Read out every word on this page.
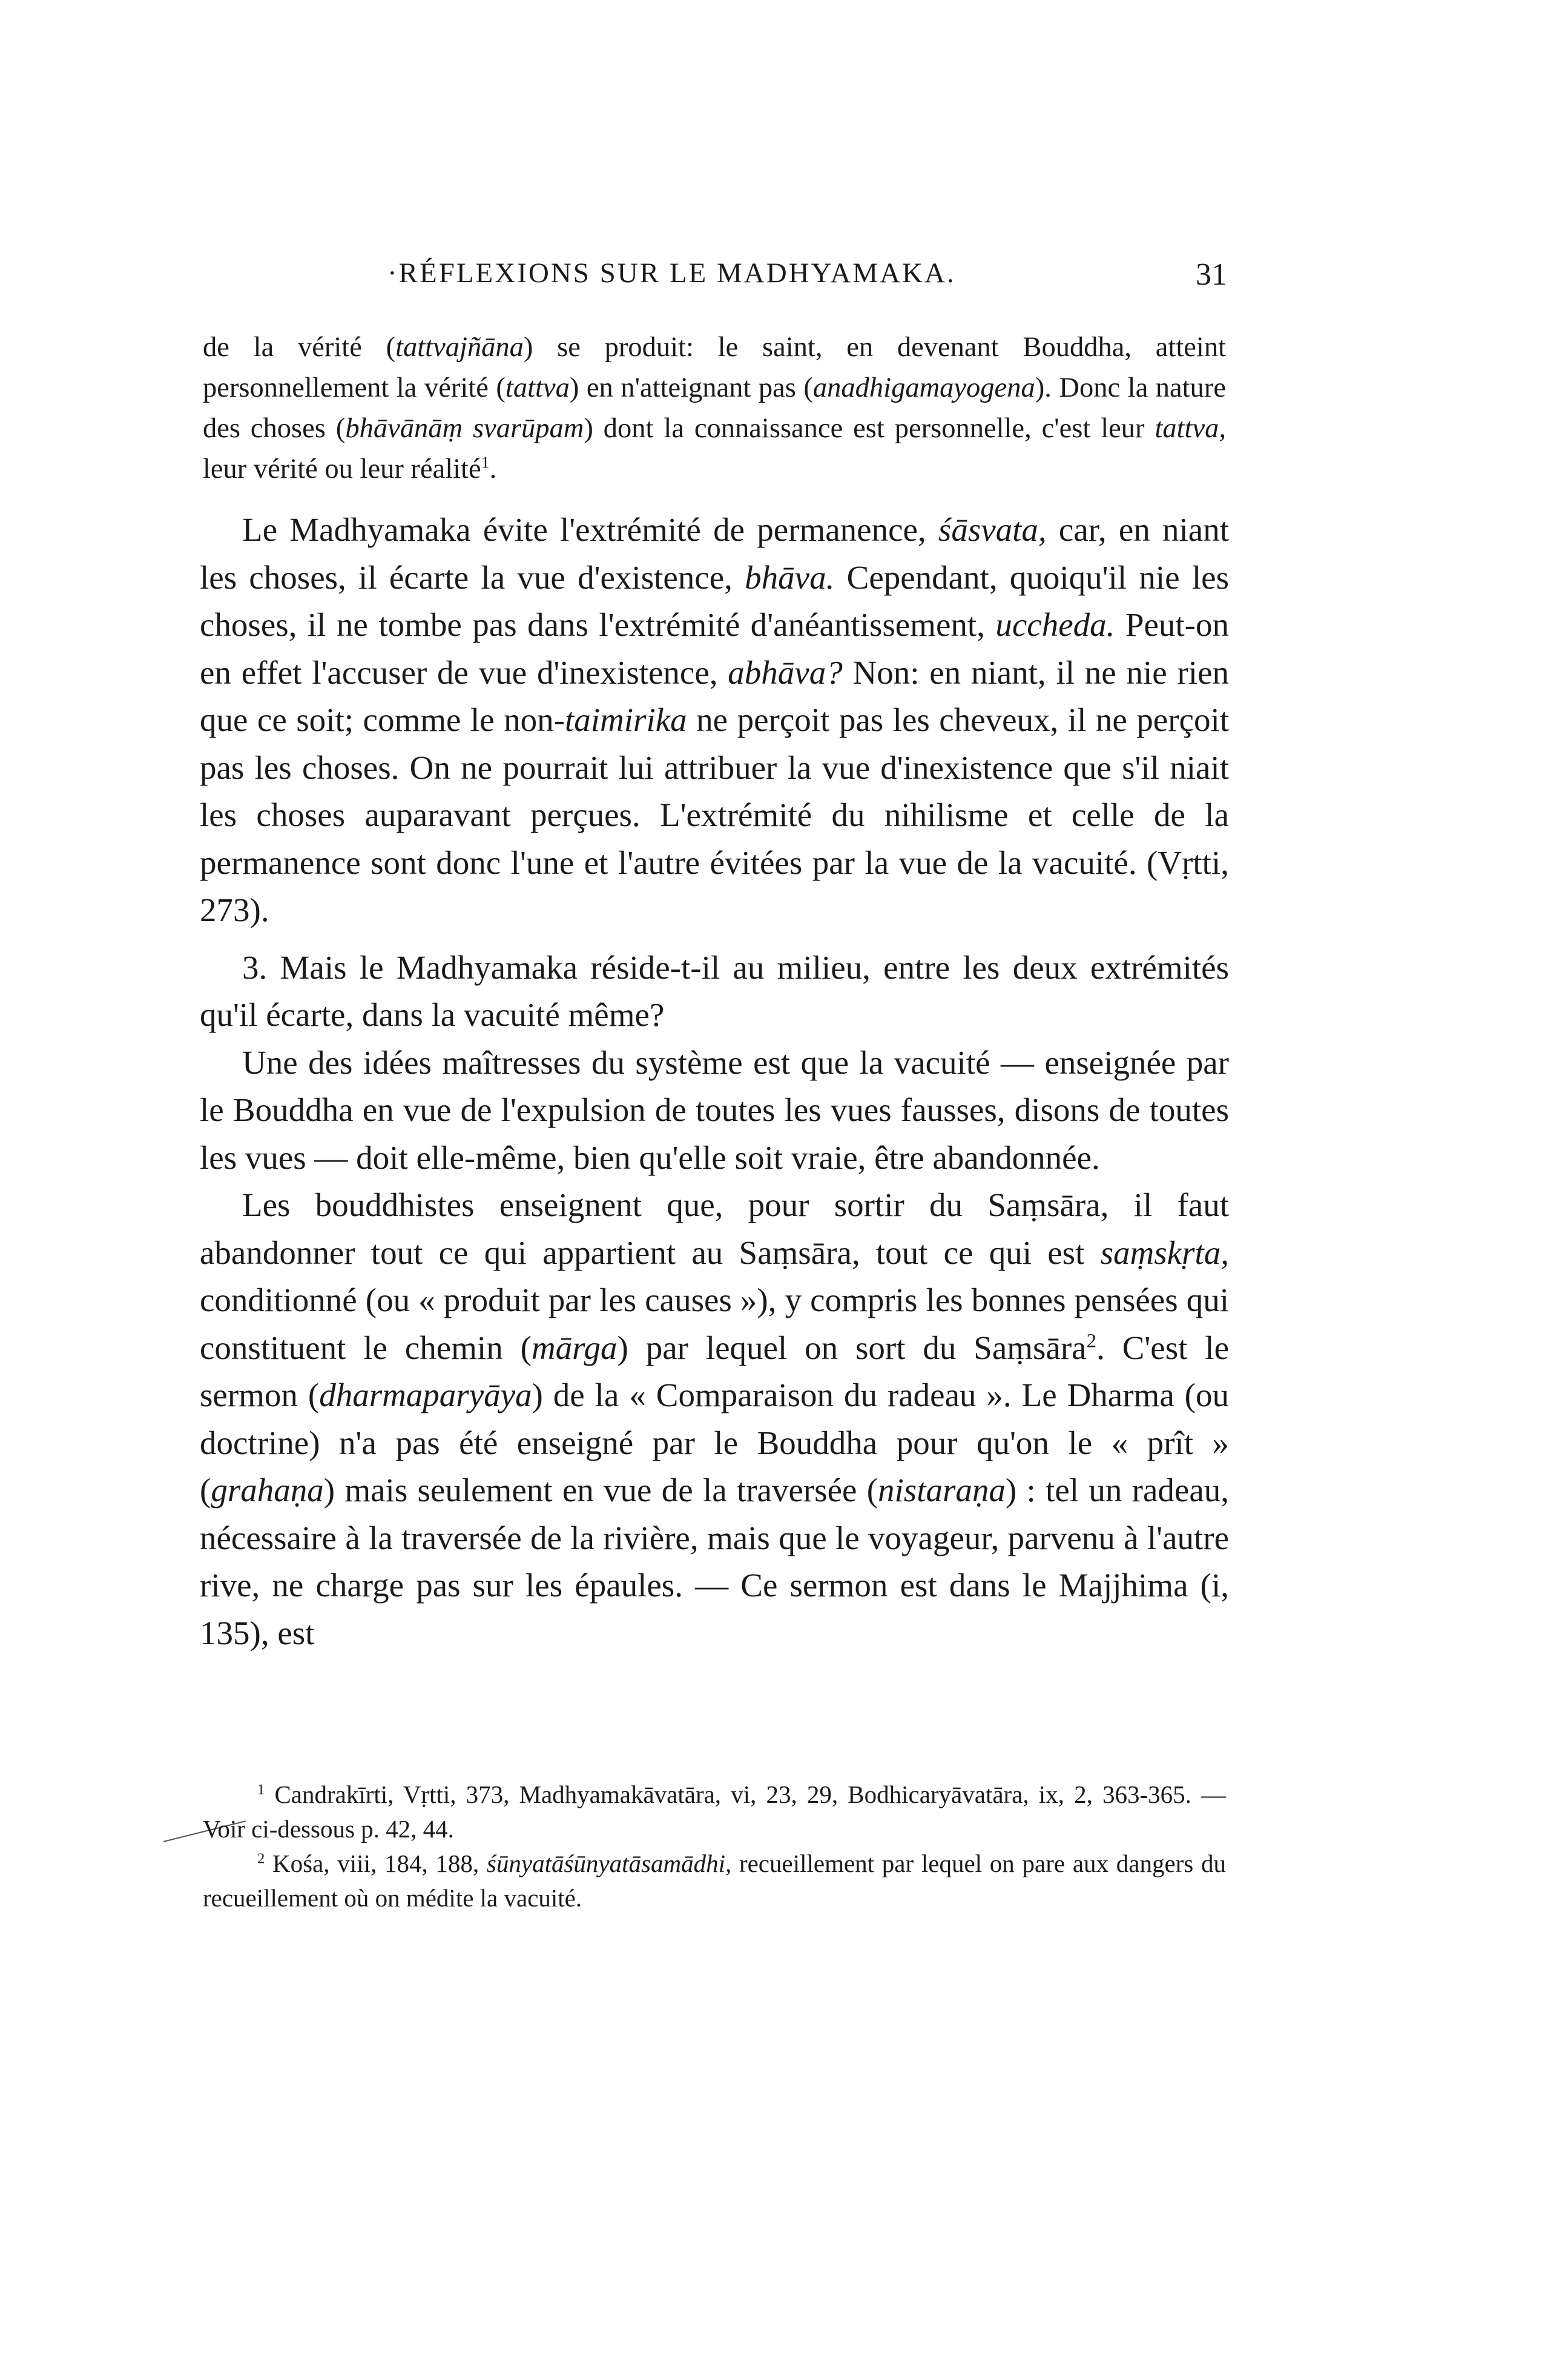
·RÉFLEXIONS SUR LE MADHYAMAKA.	31

de la vérité (tattvajñāna) se produit: le saint, en devenant Bouddha, atteint personnellement la vérité (tattva) en n'atteignant pas (anadhigamayogena). Donc la nature des choses (bhāvānāṃ svarūpam) dont la connaissance est personnelle, c'est leur tattva, leur vérité ou leur réalité$^1$.

Le Madhyamaka évite l'extrémité de permanence, śāsvata, car, en niant les choses, il écarte la vue d'existence, bhāva. Cependant, quoiqu'il nie les choses, il ne tombe pas dans l'extrémité d'anéantissement, uccheda. Peut-on en effet l'accuser de vue d'inexistence, abhāva? Non: en niant, il ne nie rien que ce soit; comme le non-taimirika ne perçoit pas les cheveux, il ne perçoit pas les choses. On ne pourrait lui attribuer la vue d'inexistence que s'il niait les choses auparavant perçues. L'extrémité du nihilisme et celle de la permanence sont donc l'une et l'autre évitées par la vue de la vacuité. (Vṛtti, 273).

3. Mais le Madhyamaka réside-t-il au milieu, entre les deux extrémités qu'il écarte, dans la vacuité même?

Une des idées maîtresses du système est que la vacuité — enseignée par le Bouddha en vue de l'expulsion de toutes les vues fausses, disons de toutes les vues — doit elle-même, bien qu'elle soit vraie, être abandonnée.

Les bouddhistes enseignent que, pour sortir du Saṃsāra, il faut abandonner tout ce qui appartient au Saṃsāra, tout ce qui est saṃskṛta, conditionné (ou « produit par les causes »), y compris les bonnes pensées qui constituent le chemin (mārga) par lequel on sort du Saṃsāra$^2$. C'est le sermon (dharmaparyāya) de la « Comparaison du radeau ». Le Dharma (ou doctrine) n'a pas été enseigné par le Bouddha pour qu'on le « prît » (grahaṇa) mais seulement en vue de la traversée (nistaraṇa) : tel un radeau, nécessaire à la traversée de la rivière, mais que le voyageur, parvenu à l'autre rive, ne charge pas sur les épaules. — Ce sermon est dans le Majjhima (i, 135), est

$^1$ Candrakīrti, Vṛtti, 373, Madhyamakāvatāra, vi, 23, 29, Bodhicaryāvatāra, ix, 2, 363-365. — Voir ci-dessous p. 42, 44.

$^2$ Kośa, viii, 184, 188, śūnyatāśūnyatāsamādhi, recueillement par lequel on pare aux dangers du recueillement où on médite la vacuité.
